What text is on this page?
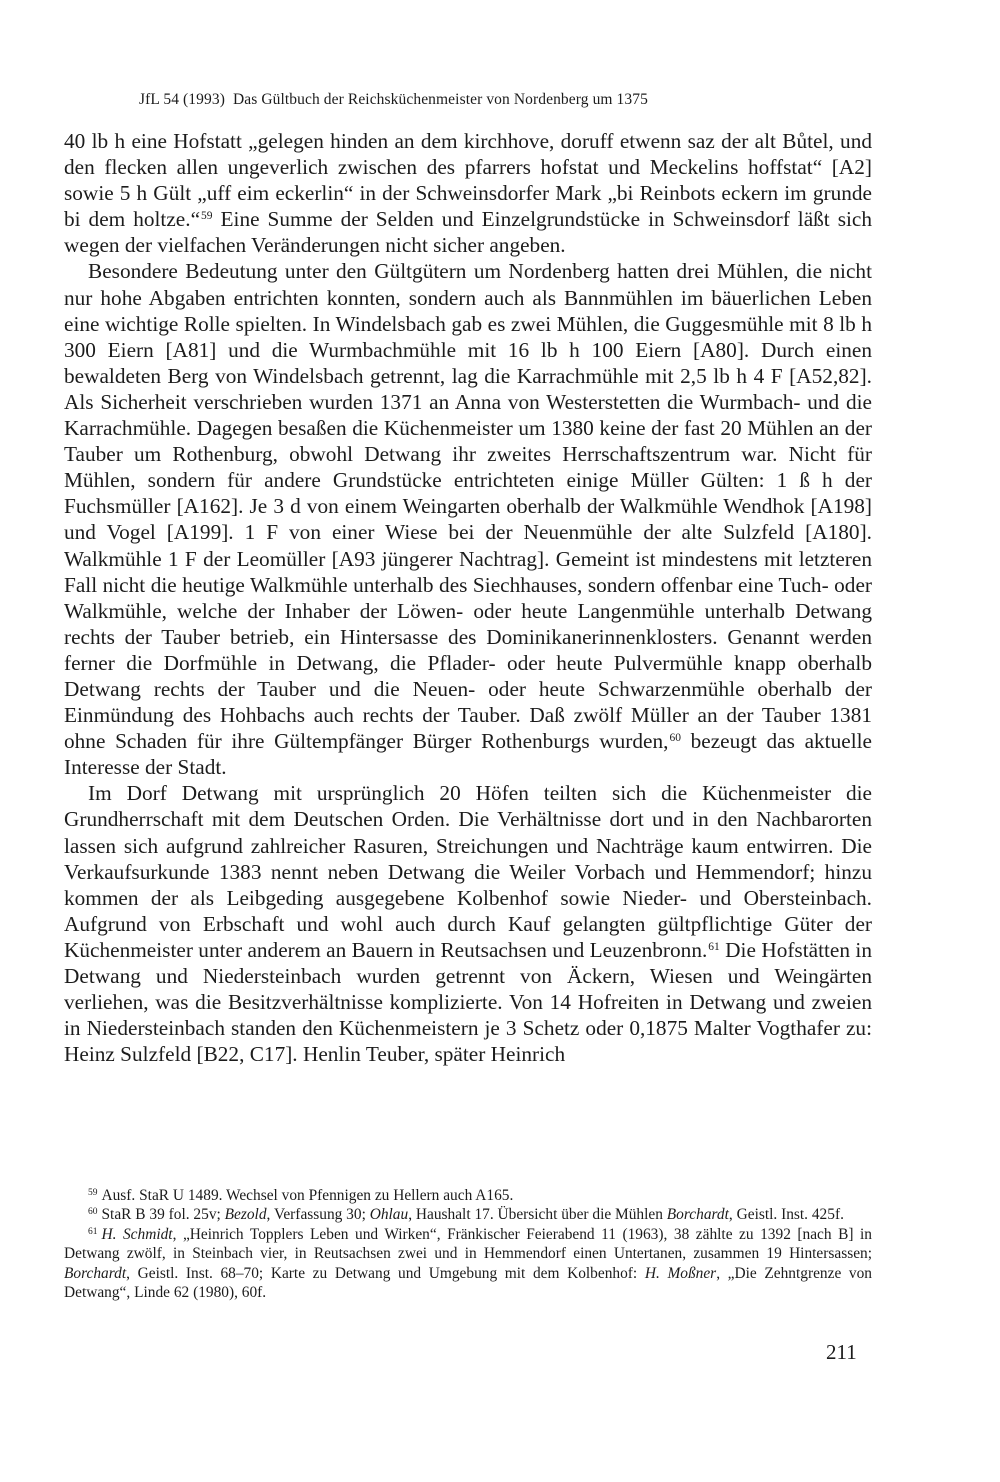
JfL 54 (1993) Das Gültbuch der Reichsküchenmeister von Nordenberg um 1375

40 lb h eine Hofstatt „gelegen hinden an dem kirchhove, doruff etwenn saz der alt Bůtel, und den flecken allen ungeverlich zwischen des pfarrers hofstat und Meckelins hoffstat“ [A2] sowie 5 h Gült „uff eim eckerlin“ in der Schweinsdorfer Mark „bi Reinbots eckern im grunde bi dem holtze.“$^{59}$ Eine Summe der Selden und Einzelgrundstücke in Schweinsdorf läßt sich wegen der vielfachen Veränderungen nicht sicher angeben.

Besondere Bedeutung unter den Gültgütern um Nordenberg hatten drei Mühlen, die nicht nur hohe Abgaben entrichten konnten, sondern auch als Bannmühlen im bäuerlichen Leben eine wichtige Rolle spielten. In Windelsbach gab es zwei Mühlen, die Guggesmühle mit 8 lb h 300 Eiern [A81] und die Wurmbachmühle mit 16 lb h 100 Eiern [A80]. Durch einen bewaldeten Berg von Windelsbach getrennt, lag die Karrachmühle mit 2,5 lb h 4 F [A52,82]. Als Sicherheit verschrieben wurden 1371 an Anna von Westerstetten die Wurmbach- und die Karrachmühle. Dagegen besaßen die Küchenmeister um 1380 keine der fast 20 Mühlen an der Tauber um Rothenburg, obwohl Detwang ihr zweites Herrschaftszentrum war. Nicht für Mühlen, sondern für andere Grundstücke entrichteten einige Müller Gülten: 1 ß h der Fuchsmüller [A162]. Je 3 d von einem Weingarten oberhalb der Walkmühle Wendhok [A198] und Vogel [A199]. 1 F von einer Wiese bei der Neuenmühle der alte Sulzfeld [A180]. Walkmühle 1 F der Leomüller [A93 jüngerer Nachtrag]. Gemeint ist mindestens mit letzteren Fall nicht die heutige Walkmühle unterhalb des Siechhauses, sondern offenbar eine Tuch- oder Walkmühle, welche der Inhaber der Löwen- oder heute Langenmühle unterhalb Detwang rechts der Tauber betrieb, ein Hintersasse des Dominikanerinnenklosters. Genannt werden ferner die Dorfmühle in Detwang, die Pflader- oder heute Pulvermühle knapp oberhalb Detwang rechts der Tauber und die Neuen- oder heute Schwarzenmühle oberhalb der Einmündung des Hohbachs auch rechts der Tauber. Daß zwölf Müller an der Tauber 1381 ohne Schaden für ihre Gültempfänger Bürger Rothenburgs wurden,$^{60}$ bezeugt das aktuelle Interesse der Stadt.

Im Dorf Detwang mit ursprünglich 20 Höfen teilten sich die Küchenmeister die Grundherrschaft mit dem Deutschen Orden. Die Verhältnisse dort und in den Nachbarorten lassen sich aufgrund zahlreicher Rasuren, Streichungen und Nachträge kaum entwirren. Die Verkaufsurkunde 1383 nennt neben Detwang die Weiler Vorbach und Hemmendorf; hinzu kommen der als Leibgeding ausgegebene Kolbenhof sowie Nieder- und Obersteinbach. Aufgrund von Erbschaft und wohl auch durch Kauf gelangten gültpflichtige Güter der Küchenmeister unter anderem an Bauern in Reutsachsen und Leuzenbronn.$^{61}$ Die Hofstätten in Detwang und Niedersteinbach wurden getrennt von Äckern, Wiesen und Weingärten verliehen, was die Besitzverhältnisse komplizierte. Von 14 Hofreiten in Detwang und zweien in Niedersteinbach standen den Küchenmeistern je 3 Schetz oder 0,1875 Malter Vogthafer zu: Heinz Sulzfeld [B22, C17]. Henlin Teuber, später Heinrich

$^{59}$ Ausf. StaR U 1489. Wechsel von Pfennigen zu Hellern auch A165.

$^{60}$ StaR B 39 fol. 25v; Bezold, Verfassung 30; Ohlau, Haushalt 17. Übersicht über die Mühlen Borchardt, Geistl. Inst. 425f.

$^{61}$ H. Schmidt, „Heinrich Topplers Leben und Wirken“, Fränkischer Feierabend 11 (1963), 38 zählte zu 1392 [nach B] in Detwang zwölf, in Steinbach vier, in Reutsachsen zwei und in Hemmendorf einen Untertanen, zusammen 19 Hintersassen; Borchardt, Geistl. Inst. 68–70; Karte zu Detwang und Umgebung mit dem Kolbenhof: H. Moßner, „Die Zehntgrenze von Detwang“, Linde 62 (1980), 60f.

211
